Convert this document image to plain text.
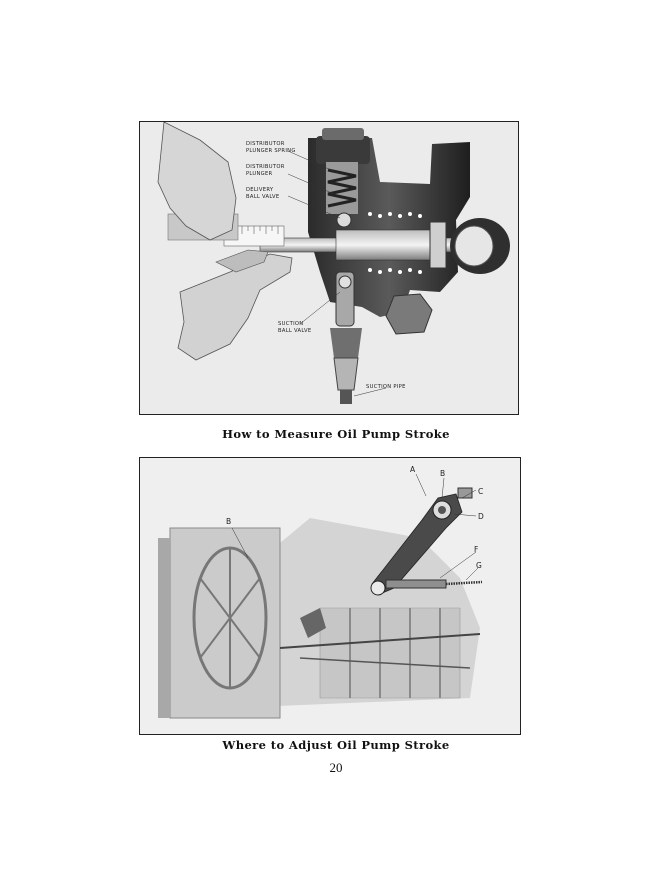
DISTRIBUTOR
PLUNGER SPRING
DISTRIBUTOR
PLUNGER
DELIVERY
BALL VALVE
SUCTION
BALL VALVE
SUCTION PIPE
How to Measure Oil Pump Stroke
A	B
C
D
F
G
B
Where to Adjust Oil Pump Stroke
20
